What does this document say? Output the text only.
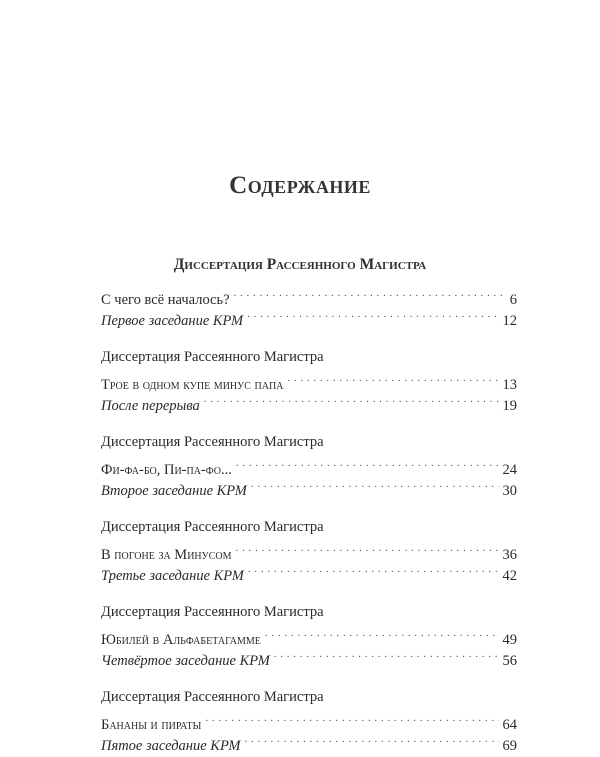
Содержание
Диссертация Рассеянного Магистра
С чего всё началось? . . .	6
Первое заседание КРМ . . .	12
Диссертация Рассеянного Магистра
Трое в одном купе минус папа . . .	13
После перерыва . . .	19
Диссертация Рассеянного Магистра
Фи-фа-бо, Пи-па-фо... . . .	24
Второе заседание КРМ . . .	30
Диссертация Рассеянного Магистра
В погоне за Минусом . . .	36
Третье заседание КРМ . . .	42
Диссертация Рассеянного Магистра
Юбилей в Альфабетагамме . . .	49
Четвёртое заседание КРМ . . .	56
Диссертация Рассеянного Магистра
Бананы и пираты . . .	64
Пятое заседание КРМ . . .	69
